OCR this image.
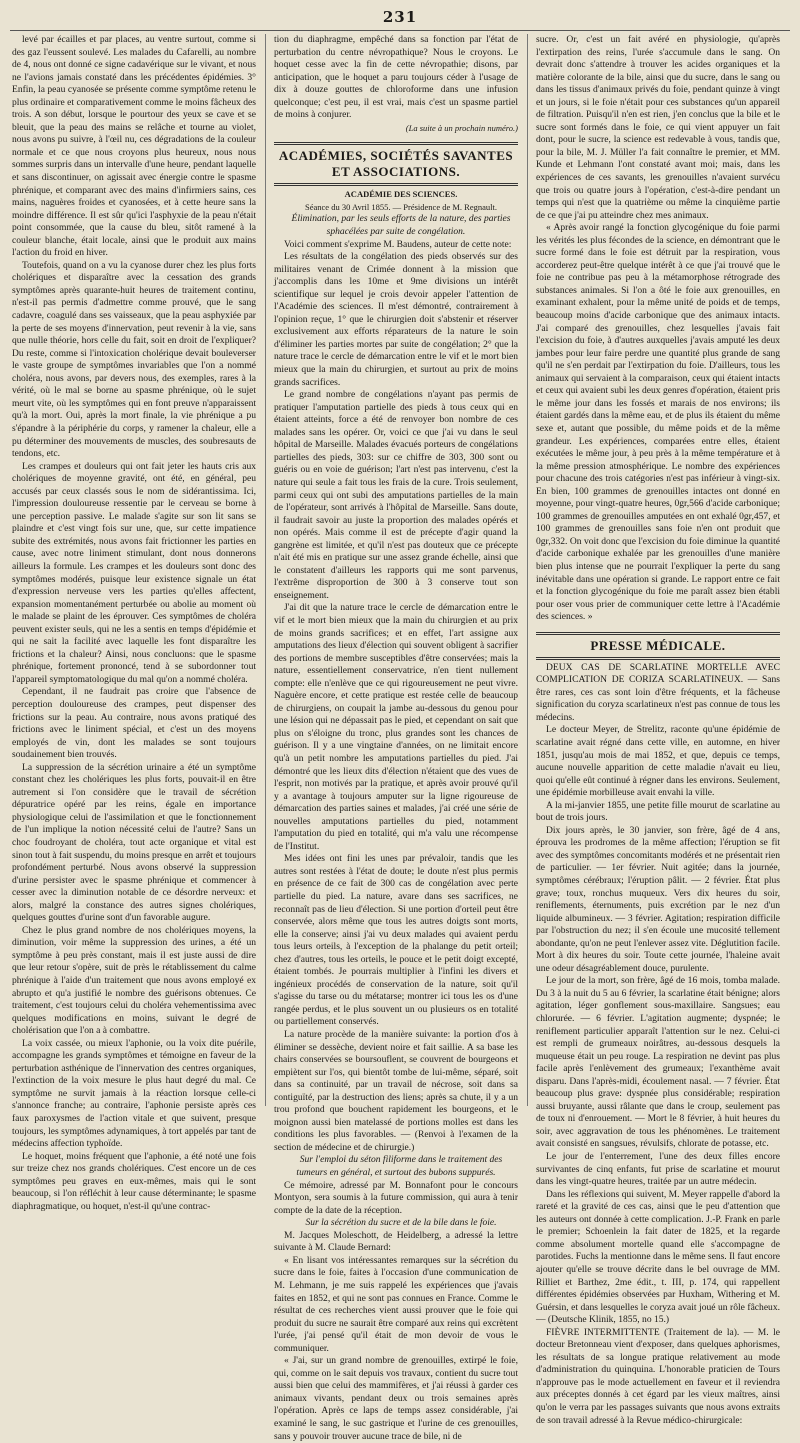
231

levé par écailles et par places, au ventre surtout, comme si des gaz l'eussent soulevé. Les malades du Cafarelli, au nombre de 4, nous ont donné ce signe cadavérique sur le vivant, et nous ne l'avions jamais constaté dans les précédentes épidémies. 3° Enfin, la peau cyanosée se présente comme symptôme retenu le plus ordinaire et comparativement comme le moins fâcheux des trois. A son début, lorsque le pourtour des yeux se cave et se bleuit, que la peau des mains se relâche et tourne au violet, nous avons pu suivre, à l'œil nu, ces dégradations de la couleur normale et ce que nous croyons plus heureux, nous nous sommes surpris dans un intervalle d'une heure, pendant laquelle et sans discontinuer, on agissait avec énergie contre le spasme phrénique, et comparant avec des mains d'infirmiers sains, ces mains, naguères froides et cyanosées, et à cette heure sans la moindre différence. Il est sûr qu'ici l'asphyxie de la peau n'était point consommée, que la cause du bleu, sitôt ramené à la couleur blanche, était locale, ainsi que le produit aux mains l'action du froid en hiver.

Toutefois, quand on a vu la cyanose durer chez les plus forts cholériques et disparaître avec la cessation des grands symptômes après quarante-huit heures de traitement continu, n'est-il pas permis d'admettre comme prouvé, que le sang cadavre, coagulé dans ses vaisseaux, que la peau asphyxiée par la perte de ses moyens d'innervation, peut revenir à la vie, sans que nulle théorie, hors celle du fait, soit en droit de l'expliquer? Du reste, comme si l'intoxication cholérique devait bouleverser le vaste groupe de symptômes invariables que l'on a nommé choléra, nous avons, par devers nous, des exemples, rares à la vérité, où le mal se borne au spasme phrénique, où le sujet meurt vite, où les symptômes qui en font preuve n'apparaissent qu'à la mort. Oui, après la mort finale, la vie phrénique a pu s'épandre à la périphérie du corps, y ramener la chaleur, elle a pu déterminer des mouvements de muscles, des soubresauts de tendons, etc.

Les crampes et douleurs qui ont fait jeter les hauts cris aux cholériques de moyenne gravité, ont été, en général, peu accusés par ceux classés sous le nom de sidérantissima. Ici, l'impression douloureuse ressentie par le cerveau se borne à une perception passive. Le malade s'agite sur son lit sans se plaindre et c'est vingt fois sur une, que, sur cette impatience subite des extrémités, nous avons fait frictionner les parties en cause, avec notre liniment stimulant, dont nous donnerons ailleurs la formule. Les crampes et les douleurs sont donc des symptômes modérés, puisque leur existence signale un état d'expression nerveuse vers les parties qu'elles affectent, expansion momentanément perturbée ou abolie au moment où le malade se plaint de les éprouver. Ces symptômes de choléra peuvent exister seuls, qui ne les a sentis en temps d'épidémie et qui ne sait la facilité avec laquelle les font disparaître les frictions et la chaleur? Ainsi, nous concluons: que le spasme phrénique, fortement prononcé, tend à se subordonner tout l'appareil symptomatologique du mal qu'on a nommé choléra.

Cependant, il ne faudrait pas croire que l'absence de perception douloureuse des crampes, peut dispenser des frictions sur la peau. Au contraire, nous avons pratiqué des frictions avec le liniment spécial, et c'est un des moyens employés de vin, dont les malades se sont toujours soudainement bien trouvés.

La suppression de la sécrétion urinaire a été un symptôme constant chez les cholériques les plus forts, pouvait-il en être autrement si l'on considère que le travail de sécrétion dépuratrice opéré par les reins, égale en importance physiologique celui de l'assimilation et que le fonctionnement de l'un implique la notion nécessité celui de l'autre? Sans un choc foudroyant de choléra, tout acte organique et vital est sinon tout à fait suspendu, du moins presque en arrêt et toujours profondément perturbé. Nous avons observé la suppression d'urine persister avec le spasme phrénique et commencer à cesser avec la diminution notable de ce désordre nerveux: et alors, malgré la constance des autres signes cholériques, quelques gouttes d'urine sont d'un favorable augure.

Chez le plus grand nombre de nos cholériques moyens, la diminution, voir même la suppression des urines, a été un symptôme à peu près constant, mais il est juste aussi de dire que leur retour s'opère, suit de près le rétablissement du calme phrénique à l'aide d'un traitement que nous avons employé ex abrupto et qu'a justifié le nombre des guérisons obtenues. Ce traitement, c'est toujours celui du choléra vehementissima avec quelques modifications en moins, suivant le degré de cholérisation que l'on a à combattre.

La voix cassée, ou mieux l'aphonie, ou la voix dite puérile, accompagne les grands symptômes et témoigne en faveur de la perturbation asthénique de l'innervation des centres organiques, l'extinction de la voix mesure le plus haut degré du mal. Ce symptôme ne survit jamais à la réaction lorsque celle-ci s'annonce franche; au contraire, l'aphonie persiste après ces faux paroxysmes de l'action vitale et que suivent, presque toujours, les symptômes adynamiques, à tort appelés par tant de médecins affection typhoïde.

Le hoquet, moins fréquent que l'aphonie, a été noté une fois sur treize chez nos grands cholériques. C'est encore un de ces symptômes peu graves en eux-mêmes, mais qui le sont beaucoup, si l'on réfléchit à leur cause déterminante; le spasme diaphragmatique, ou hoquet, n'est-il qu'une contrac-

tion du diaphragme, empêché dans sa fonction par l'état de perturbation du centre névropathique? Nous le croyons. Le hoquet cesse avec la fin de cette névropathie; disons, par anticipation, que le hoquet a paru toujours céder à l'usage de dix à douze gouttes de chloroforme dans une infusion quelconque; c'est peu, il est vrai, mais c'est un spasme partiel de moins à conjurer.

(La suite à un prochain numéro.)

ACADÉMIES, SOCIÉTÉS SAVANTES ET ASSOCIATIONS.

ACADÉMIE DES SCIENCES.

Séance du 30 Avril 1855. — Présidence de M. Regnault.

Élimination, par les seuls efforts de la nature, des parties sphacélées par suite de congélation.

Voici comment s'exprime M. Baudens, auteur de cette note:

Les résultats de la congélation des pieds observés sur des militaires venant de Crimée donnent à la mission que j'accomplis dans les 10me et 9me divisions un intérêt scientifique sur lequel je crois devoir appeler l'attention de l'Académie des sciences. Il m'est démontré, contrairement à l'opinion reçue, 1° que le chirurgien doit s'abstenir et réserver exclusivement aux efforts réparateurs de la nature le soin d'éliminer les parties mortes par suite de congélation; 2° que la nature trace le cercle de démarcation entre le vif et le mort bien mieux que la main du chirurgien, et surtout au prix de moins grands sacrifices.

Le grand nombre de congélations n'ayant pas permis de pratiquer l'amputation partielle des pieds à tous ceux qui en étaient atteints, force a été de renvoyer bon nombre de ces malades sans les opérer. Or, voici ce que j'ai vu dans le seul hôpital de Marseille. Malades évacués porteurs de congélations partielles des pieds, 303: sur ce chiffre de 303, 300 sont ou guéris ou en voie de guérison; l'art n'est pas intervenu, c'est la nature qui seule a fait tous les frais de la cure. Trois seulement, parmi ceux qui ont subi des amputations partielles de la main de l'opérateur, sont arrivés à l'hôpital de Marseille. Sans doute, il faudrait savoir au juste la proportion des malades opérés et non opérés. Mais comme il est de précepte d'agir quand la gangrène est limitée, et qu'il n'est pas douteux que ce précepte n'ait été mis en pratique sur une assez grande échelle, ainsi que le constatent d'ailleurs les rapports qui me sont parvenus, l'extrême disproportion de 300 à 3 conserve tout son enseignement.

J'ai dit que la nature trace le cercle de démarcation entre le vif et le mort bien mieux que la main du chirurgien et au prix de moins grands sacrifices; et en effet, l'art assigne aux amputations des lieux d'élection qui souvent obligent à sacrifier des portions de membre susceptibles d'être conservées; mais la nature, essentiellement conservatrice, n'en tient nullement compte: elle n'enlève que ce qui rigoureusement ne peut vivre. Naguère encore, et cette pratique est restée celle de beaucoup de chirurgiens, on coupait la jambe au-dessous du genou pour une lésion qui ne dépassait pas le pied, et cependant on sait que plus on s'éloigne du tronc, plus grandes sont les chances de guérison. Il y a une vingtaine d'années, on ne limitait encore qu'à un petit nombre les amputations partielles du pied. J'ai démontré que les lieux dits d'élection n'étaient que des vues de l'esprit, non motivés par la pratique, et après avoir prouvé qu'il y a avantage à toujours amputer sur la ligne rigoureuse de démarcation des parties saines et malades, j'ai créé une série de nouvelles amputations partielles du pied, notamment l'amputation du pied en totalité, qui m'a valu une récompense de l'Institut.

Mes idées ont fini les unes par prévaloir, tandis que les autres sont restées à l'état de doute; le doute n'est plus permis en présence de ce fait de 300 cas de congélation avec perte partielle du pied. La nature, avare dans ses sacrifices, ne reconnaît pas de lieu d'élection. Si une portion d'orteil peut être conservée, alors même que tous les autres doigts sont morts, elle la conserve; ainsi j'ai vu deux malades qui avaient perdu tous leurs orteils, à l'exception de la phalange du petit orteil; chez d'autres, tous les orteils, le pouce et le petit doigt excepté, étaient tombés. Je pourrais multiplier à l'infini les divers et ingénieux procédés de conservation de la nature, soit qu'il s'agisse du tarse ou du métatarse; montrer ici tous les os d'une rangée perdus, et le plus souvent un ou plusieurs os en totalité ou partiellement conservés.

La nature procède de la manière suivante: la portion d'os à éliminer se dessèche, devient noire et fait saillie. A sa base les chairs conservées se boursouflent, se couvrent de bourgeons et empiètent sur l'os, qui bientôt tombe de lui-même, séparé, soit dans sa continuité, par un travail de nécrose, soit dans sa contiguïté, par la destruction des liens; après sa chute, il y a un trou profond que bouchent rapidement les bourgeons, et le moignon aussi bien matelassé de portions molles est dans les conditions les plus favorables. — (Renvoi à l'examen de la section de médecine et de chirurgie.)

Sur l'emploi du séton filiforme dans le traitement des tumeurs en général, et surtout des bubons suppurés.

Ce mémoire, adressé par M. Bonnafont pour le concours Montyon, sera soumis à la future commission, qui aura à tenir compte de la date de la réception.

Sur la sécrétion du sucre et de la bile dans le foie.

M. Jacques Moleschott, de Heidelberg, a adressé la lettre suivante à M. Claude Bernard:

« En lisant vos intéressantes remarques sur la sécrétion du sucre dans le foie, faites à l'occasion d'une communication de M. Lehmann, je me suis rappelé les expériences que j'avais faites en 1852, et qui ne sont pas connues en France. Comme le résultat de ces recherches vient aussi prouver que le foie qui produit du sucre ne saurait être comparé aux reins qui excrètent l'urée, j'ai pensé qu'il était de mon devoir de vous le communiquer.

« J'ai, sur un grand nombre de grenouilles, extirpé le foie, qui, comme on le sait depuis vos travaux, contient du sucre tout aussi bien que celui des mammifères, et j'ai réussi à garder ces animaux vivants, pendant deux ou trois semaines après l'opération. Après ce laps de temps assez considérable, j'ai examiné le sang, le suc gastrique et l'urine de ces grenouilles, sans y pouvoir trouver aucune trace de bile, ni de

sucre. Or, c'est un fait avéré en physiologie, qu'après l'extirpation des reins, l'urée s'accumule dans le sang. On devrait donc s'attendre à trouver les acides organiques et la matière colorante de la bile, ainsi que du sucre, dans le sang ou dans les tissus d'animaux privés du foie, pendant quinze à vingt et un jours, si le foie n'était pour ces substances qu'un appareil de filtration. Puisqu'il n'en est rien, j'en conclus que la bile et le sucre sont formés dans le foie, ce qui vient appuyer un fait dont, pour le sucre, la science est redevable à vous, tandis que, pour la bile, M. J. Müller l'a fait connaître le premier, et MM. Kunde et Lehmann l'ont constaté avant moi; mais, dans les expériences de ces savants, les grenouilles n'avaient survécu que trois ou quatre jours à l'opération, c'est-à-dire pendant un temps qui n'est que la quatrième ou même la cinquième partie de ce que j'ai pu atteindre chez mes animaux.

« Après avoir rangé la fonction glycogénique du foie parmi les vérités les plus fécondes de la science, en démontrant que le sucre formé dans le foie est détruit par la respiration, vous accorderez peut-être quelque intérêt à ce que j'ai trouvé que le foie ne contribue pas peu à la métamorphose rétrograde des substances animales. Si l'on a ôté le foie aux grenouilles, en examinant exhalent, pour la même unité de poids et de temps, beaucoup moins d'acide carbonique que des animaux intacts. J'ai comparé des grenouilles, chez lesquelles j'avais fait l'excision du foie, à d'autres auxquelles j'avais amputé les deux jambes pour leur faire perdre une quantité plus grande de sang qu'il ne s'en perdait par l'extirpation du foie. D'ailleurs, tous les animaux qui servaient à la comparaison, ceux qui étaient intacts et ceux qui avaient subi les deux genres d'opération, étaient pris le même jour dans les fossés et marais de nos environs; ils étaient gardés dans la même eau, et de plus ils étaient du même sexe et, autant que possible, du même poids et de la même grandeur. Les expériences, comparées entre elles, étaient exécutées le même jour, à peu près à la même température et à la même pression atmosphérique. Le nombre des expériences pour chacune des trois catégories n'est pas inférieur à vingt-six. En bien, 100 grammes de grenouilles intactes ont donné en moyenne, pour vingt-quatre heures, 0gr,566 d'acide carbonique; 100 grammes de grenouilles amputées en ont exhalé 0gr,457, et 100 grammes de grenouilles sans foie n'en ont produit que 0gr,332. On voit donc que l'excision du foie diminue la quantité d'acide carbonique exhalée par les grenouilles d'une manière bien plus intense que ne pourrait l'expliquer la perte du sang inévitable dans une opération si grande. Le rapport entre ce fait et la fonction glycogénique du foie me paraît assez bien établi pour oser vous prier de communiquer cette lettre à l'Académie des sciences. »

PRESSE MÉDICALE.

DEUX CAS DE SCARLATINE MORTELLE AVEC COMPLICATION DE CORIZA SCARLATINEUX. — Sans être rares, ces cas sont loin d'être fréquents, et la fâcheuse signification du coryza scarlatineux n'est pas connue de tous les médecins.

Le docteur Meyer, de Strelitz, raconte qu'une épidémie de scarlatine avait régné dans cette ville, en automne, en hiver 1851, jusqu'au mois de mai 1852, et que, depuis ce temps, aucune nouvelle apparition de cette maladie n'avait eu lieu, quoi qu'elle eût continué à régner dans les environs. Seulement, une épidémie morbilleuse avait envahi la ville.

A la mi-janvier 1855, une petite fille mourut de scarlatine au bout de trois jours.

Dix jours après, le 30 janvier, son frère, âgé de 4 ans, éprouva les prodromes de la même affection; l'éruption se fit avec des symptômes concomitants modérés et ne présentait rien de particulier. — 1er février. Nuit agitée; dans la journée, symptômes cérébraux; l'éruption pâlit. — 2 février. État plus grave; toux, ronchus muqueux. Vers dix heures du soir, reniflements, éternuments, puis excrétion par le nez d'un liquide albumineux. — 3 février. Agitation; respiration difficile par l'obstruction du nez; il s'en écoule une mucosité tellement abondante, qu'on ne peut l'enlever assez vite. Déglutition facile. Mort à dix heures du soir. Toute cette journée, l'haleine avait une odeur désagréablement douce, purulente.

Le jour de la mort, son frère, âgé de 16 mois, tomba malade. Du 3 à la nuit du 5 au 6 février, la scarlatine était bénigne; alors agitation, léger gonflement sous-maxillaire. Sangsues; eau chlorurée. — 6 février. L'agitation augmente; dyspnée; le reniflement particulier apparaît l'attention sur le nez. Celui-ci est rempli de grumeaux noirâtres, au-dessous desquels la muqueuse était un peu rouge. La respiration ne devint pas plus facile après l'enlèvement des grumeaux; l'exanthème avait disparu. Dans l'après-midi, écoulement nasal. — 7 février. État beaucoup plus grave: dyspnée plus considérable; respiration aussi bruyante, aussi râlante que dans le croup, seulement pas de toux ni d'enrouement. — Mort le 8 février, à huit heures du soir, avec aggravation de tous les phénomènes. Le traitement avait consisté en sangsues, révulsifs, chlorate de potasse, etc.

Le jour de l'enterrement, l'une des deux filles encore survivantes de cinq enfants, fut prise de scarlatine et mourut dans les vingt-quatre heures, traitée par un autre médecin.

Dans les réflexions qui suivent, M. Meyer rappelle d'abord la rareté et la gravité de ces cas, ainsi que le peu d'attention que les auteurs ont donnée à cette complication. J.-P. Frank en parle le premier; Schoenlein la fait dater de 1825, et la regarde comme absolument mortelle quand elle s'accompagne de parotides. Fuchs la mentionne dans le même sens. Il faut encore ajouter qu'elle se trouve décrite dans le bel ouvrage de MM. Rilliet et Barthez, 2me édit., t. III, p. 174, qui rappellent différentes épidémies observées par Huxham, Withering et M. Guérsin, et dans lesquelles le coryza avait joué un rôle fâcheux. — (Deutsche Klinik, 1855, no 15.)

FIÈVRE INTERMITTENTE (Traitement de la). — M. le docteur Bretonneau vient d'exposer, dans quelques aphorismes, les résultats de sa longue pratique relativement au mode d'administration du quinquina. L'honorable praticien de Tours n'approuve pas le mode actuellement en faveur et il reviendra aux préceptes donnés à cet égard par les vieux maîtres, ainsi qu'on le verra par les passages suivants que nous avons extraits de son travail adressé à la Revue médico-chirurgicale:
